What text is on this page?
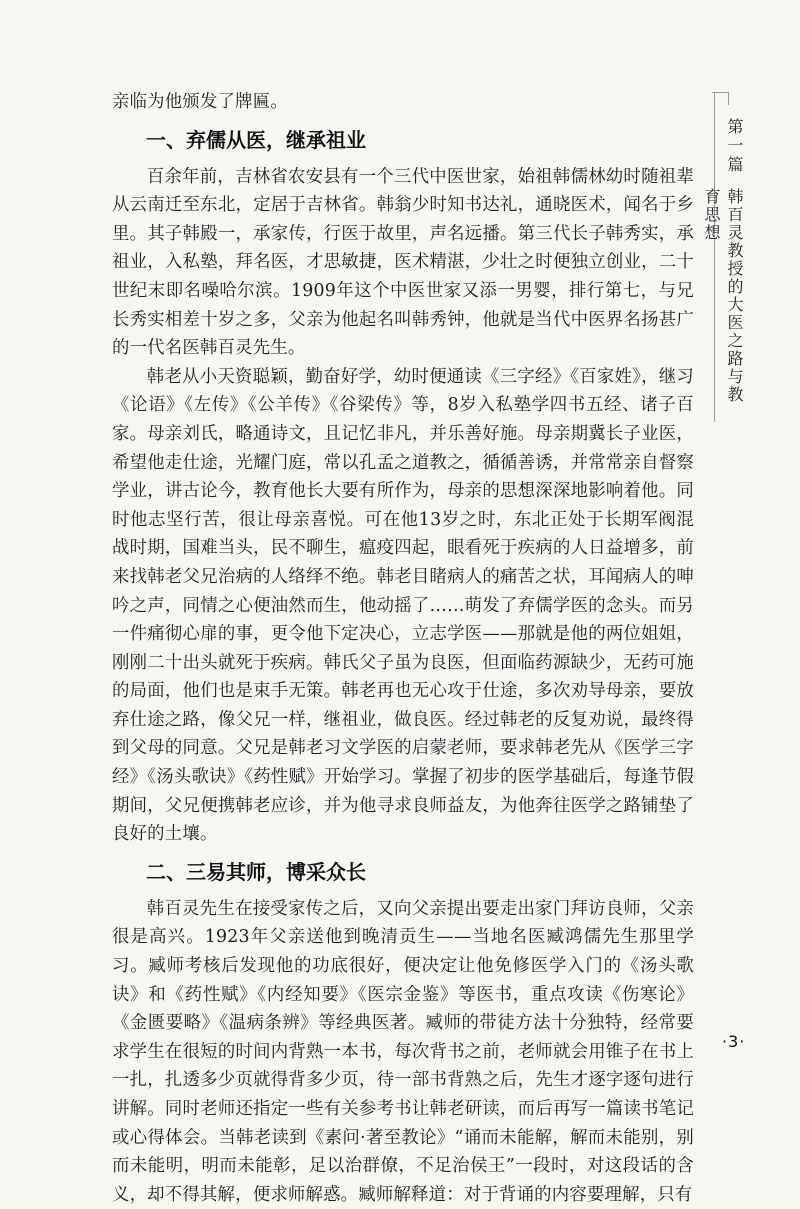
亲临为他颁发了牌匾。

一、弃儒从医，继承祖业

百余年前，吉林省农安县有一个三代中医世家，始祖韩儒林幼时随祖辈从云南迁至东北，定居于吉林省。韩翁少时知书达礼，通晓医术，闻名于乡里。其子韩殿一，承家传，行医于故里，声名远播。第三代长子韩秀实，承祖业，入私塾，拜名医，才思敏捷，医术精湛，少壮之时便独立创业，二十世纪末即名噪哈尔滨。1909年这个中医世家又添一男婴，排行第七，与兄长秀实相差十岁之多，父亲为他起名叫韩秀钟，他就是当代中医界名扬甚广的一代名医韩百灵先生。

韩老从小天资聪颖，勤奋好学，幼时便通读《三字经》《百家姓》，继习《论语》《左传》《公羊传》《谷梁传》等，8岁入私塾学四书五经、诸子百家。母亲刘氏，略通诗文，且记忆非凡，并乐善好施。母亲期冀长子业医，希望他走仕途，光耀门庭，常以孔孟之道教之，循循善诱，并常常亲自督察学业，讲古论今，教育他长大要有所作为，母亲的思想深深地影响着他。同时他志坚行苦，很让母亲喜悦。可在他13岁之时，东北正处于长期军阀混战时期，国难当头，民不聊生，瘟疫四起，眼看死于疾病的人日益增多，前来找韩老父兄治病的人络绎不绝。韩老目睹病人的痛苦之状，耳闻病人的呻吟之声，同情之心便油然而生，他动摇了……萌发了弃儒学医的念头。而另一件痛彻心扉的事，更令他下定决心，立志学医——那就是他的两位姐姐，刚刚二十出头就死于疾病。韩氏父子虽为良医，但面临药源缺少，无药可施的局面，他们也是束手无策。韩老再也无心攻于仕途，多次劝导母亲，要放弃仕途之路，像父兄一样，继祖业，做良医。经过韩老的反复劝说，最终得到父母的同意。父兄是韩老习文学医的启蒙老师，要求韩老先从《医学三字经》《汤头歌诀》《药性赋》开始学习。掌握了初步的医学基础后，每逢节假期间，父兄便携韩老应诊，并为他寻求良师益友，为他奔往医学之路铺垫了良好的土壤。

二、三易其师，博采众长

韩百灵先生在接受家传之后，又向父亲提出要走出家门拜访良师，父亲很是高兴。1923年父亲送他到晚清贡生——当地名医臧鸿儒先生那里学习。臧师考核后发现他的功底很好，便决定让他免修医学入门的《汤头歌诀》和《药性赋》《内经知要》《医宗金鉴》等医书，重点攻读《伤寒论》《金匮要略》《温病条辨》等经典医著。臧师的带徒方法十分独特，经常要求学生在很短的时间内背熟一本书，每次背书之前，老师就会用锥子在书上一扎，扎透多少页就得背多少页，待一部书背熟之后，先生才逐字逐句进行讲解。同时老师还指定一些有关参考书让韩老研读，而后再写一篇读书笔记或心得体会。当韩老读到《素问·著至教论》“诵而未能解，解而未能别，别而未能明，明而未能彰，足以治群僚，不足治侯王”一段时，对这段话的含义，却不得其解，便求师解惑。臧师解释道：对于背诵的内容要理解，只有

第一篇
韩百灵教授的大医之路与教育思想
·3·
